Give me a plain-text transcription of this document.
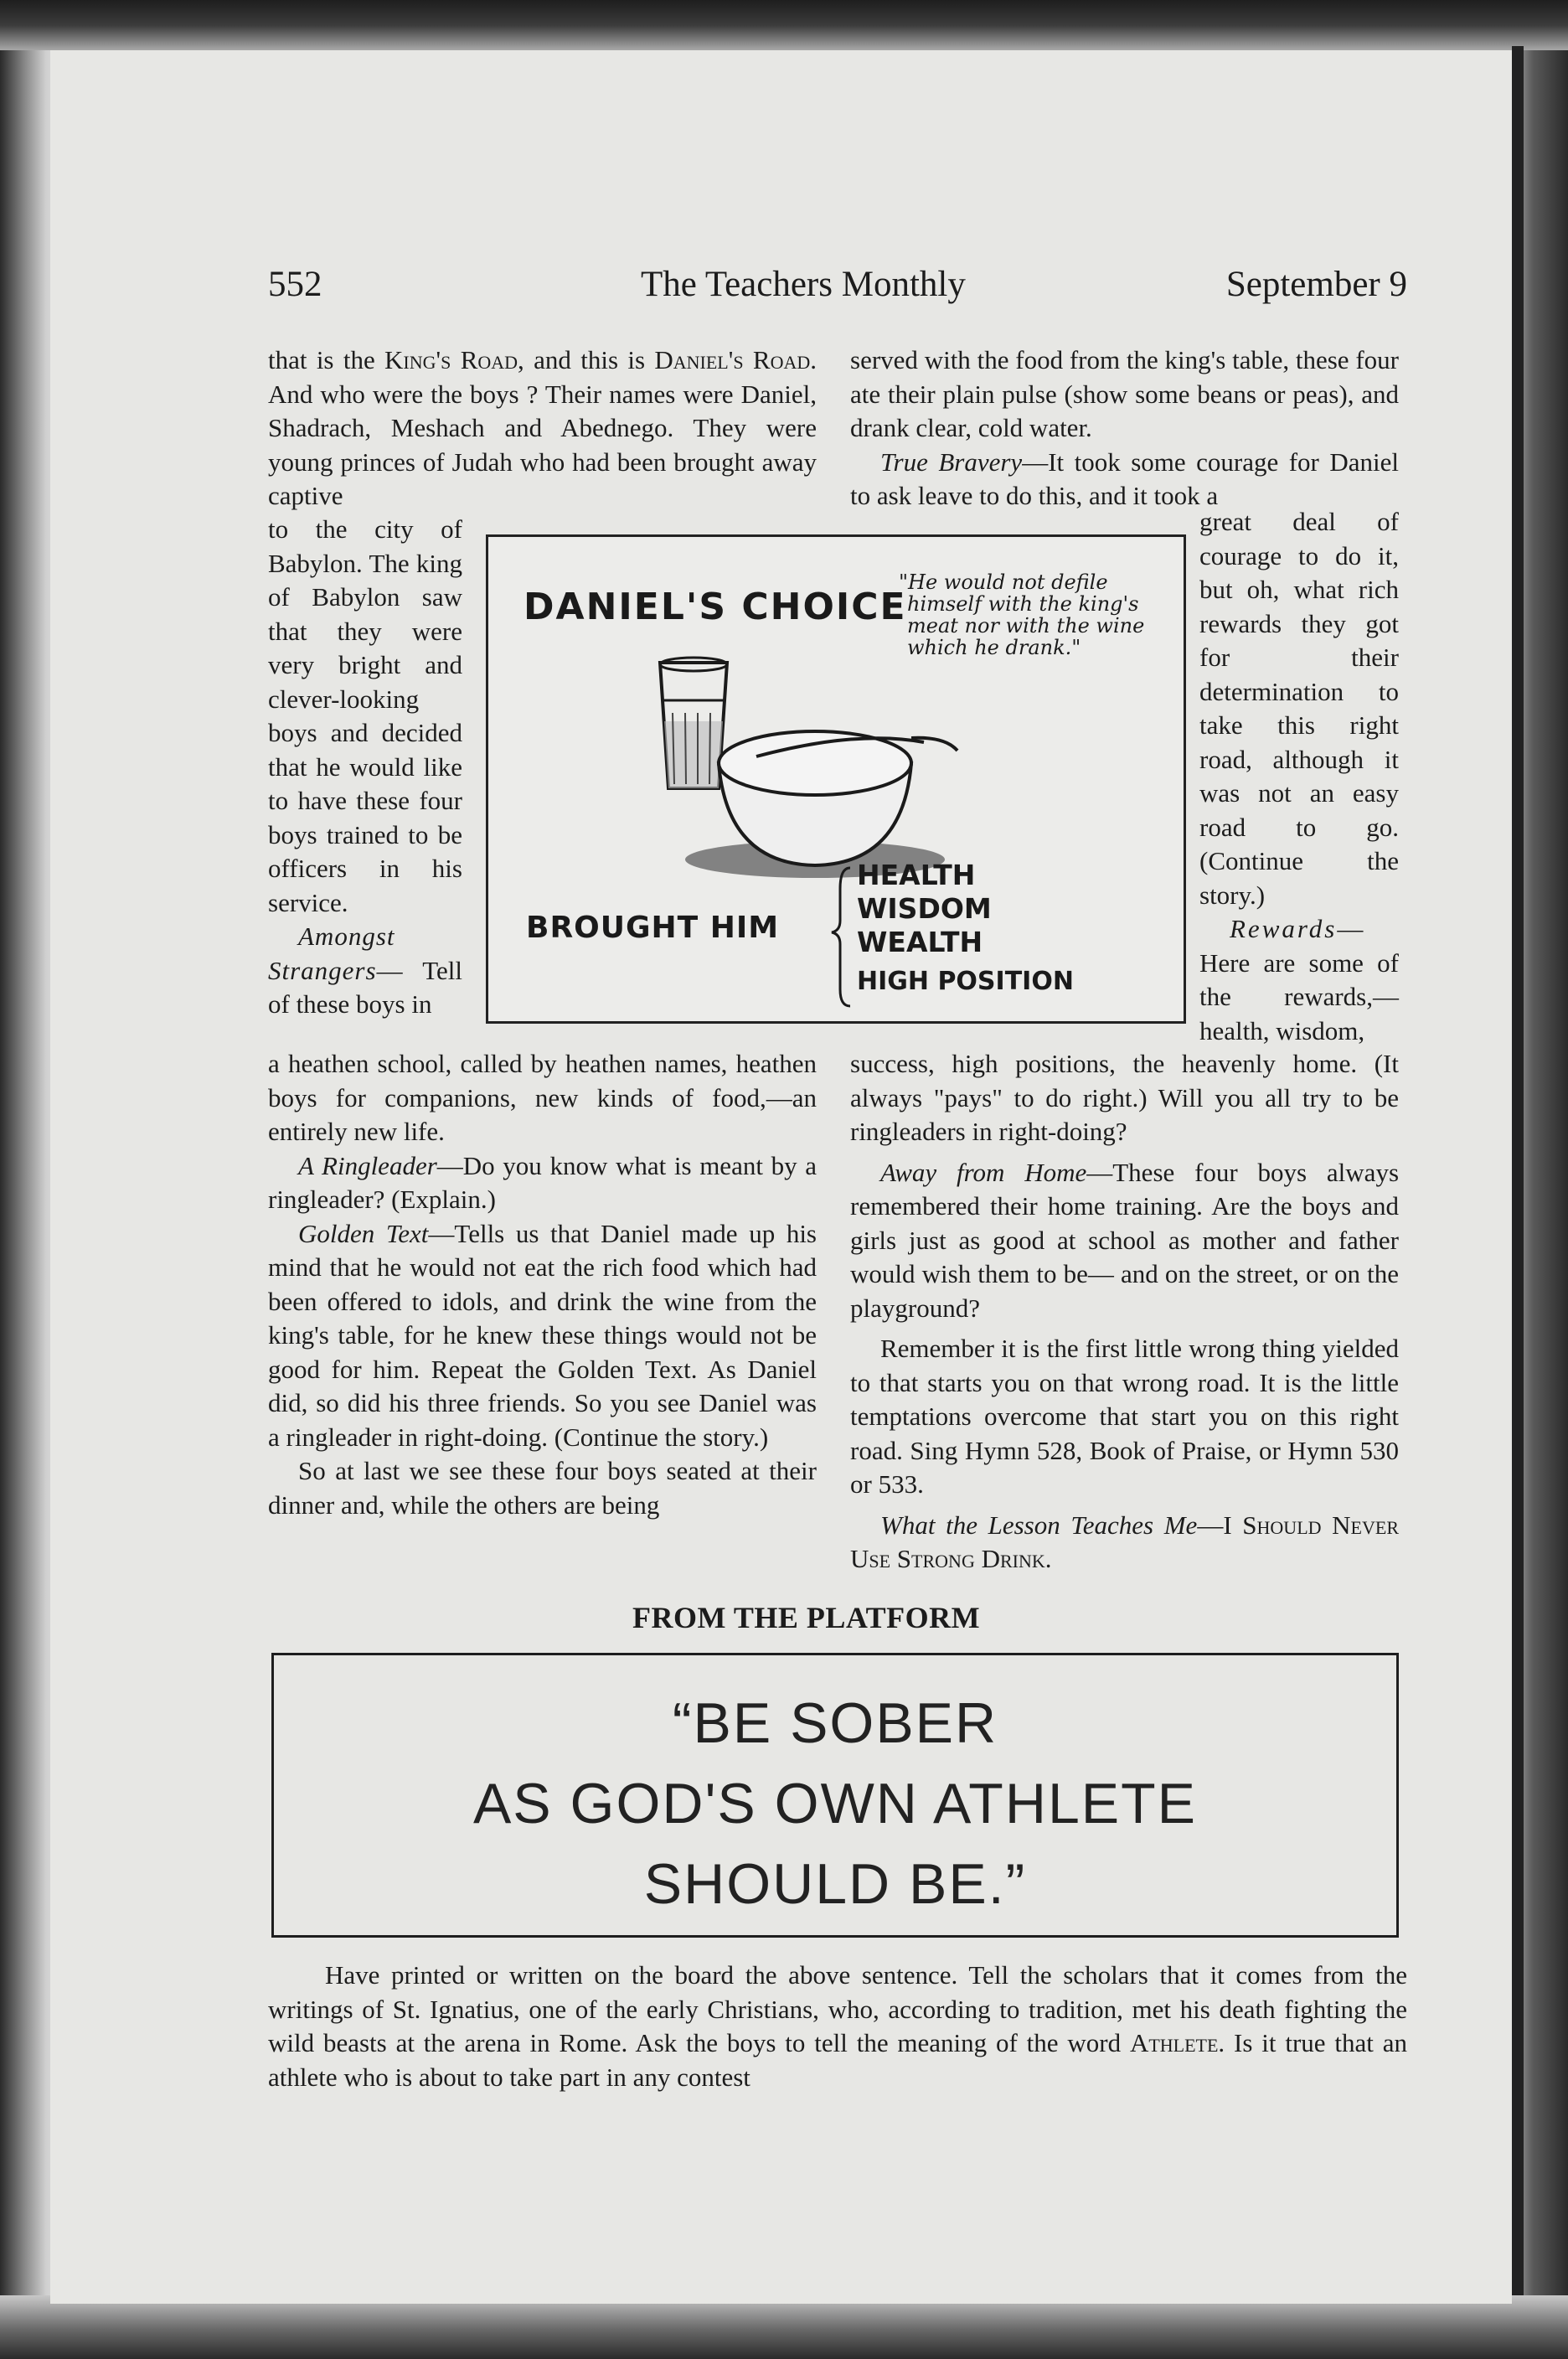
552	The Teachers Monthly	September 9

that is the King's Road, and this is Daniel's Road. And who were the boys ? Their names were Daniel, Shadrach, Meshach and Abednego. They were young princes of Judah who had been brought away captive

to the city of Babylon. The king of Babylon saw that they were very bright and clever-looking boys and decided that he would like to have these four boys trained to be officers in his service.

Amongst Strangers— Tell of these boys in

a heathen school, called by heathen names, heathen boys for companions, new kinds of food,—an entirely new life.

A Ringleader—Do you know what is meant by a ringleader? (Explain.)

Golden Text—Tells us that Daniel made up his mind that he would not eat the rich food which had been offered to idols, and drink the wine from the king's table, for he knew these things would not be good for him. Repeat the Golden Text. As Daniel did, so did his three friends. So you see Daniel was a ringleader in right-doing. (Continue the story.)

So at last we see these four boys seated at their dinner and, while the others are being

served with the food from the king's table, these four ate their plain pulse (show some beans or peas), and drank clear, cold water.

True Bravery—It took some courage for Daniel to ask leave to do this, and it took a

great deal of courage to do it, but oh, what rich rewards they got for their determination to take this right road, although it was not an easy road to go. (Continue the story.)

Rewards— Here are some of the rewards,— health, wisdom,

success, high positions, the heavenly home. (It always "pays" to do right.) Will you all try to be ringleaders in right-doing?

Away from Home—These four boys always remembered their home training. Are the boys and girls just as good at school as mother and father would wish them to be— and on the street, or on the playground?

Remember it is the first little wrong thing yielded to that starts you on that wrong road. It is the little temptations overcome that start you on this right road. Sing Hymn 528, Book of Praise, or Hymn 530 or 533.

What the Lesson Teaches Me—I Should Never Use Strong Drink.

DANIEL'S CHOICE
"He would not defile
himself with the king's
meat nor with the wine
which he drank."
BROUGHT HIM
HEALTH
WISDOM
WEALTH
HIGH POSITION
FROM THE PLATFORM
“BE SOBER
AS GOD'S OWN ATHLETE
SHOULD BE.”

Have printed or written on the board the above sentence. Tell the scholars that it comes from the writings of St. Ignatius, one of the early Christians, who, according to tradition, met his death fighting the wild beasts at the arena in Rome. Ask the boys to tell the meaning of the word Athlete. Is it true that an athlete who is about to take part in any contest
